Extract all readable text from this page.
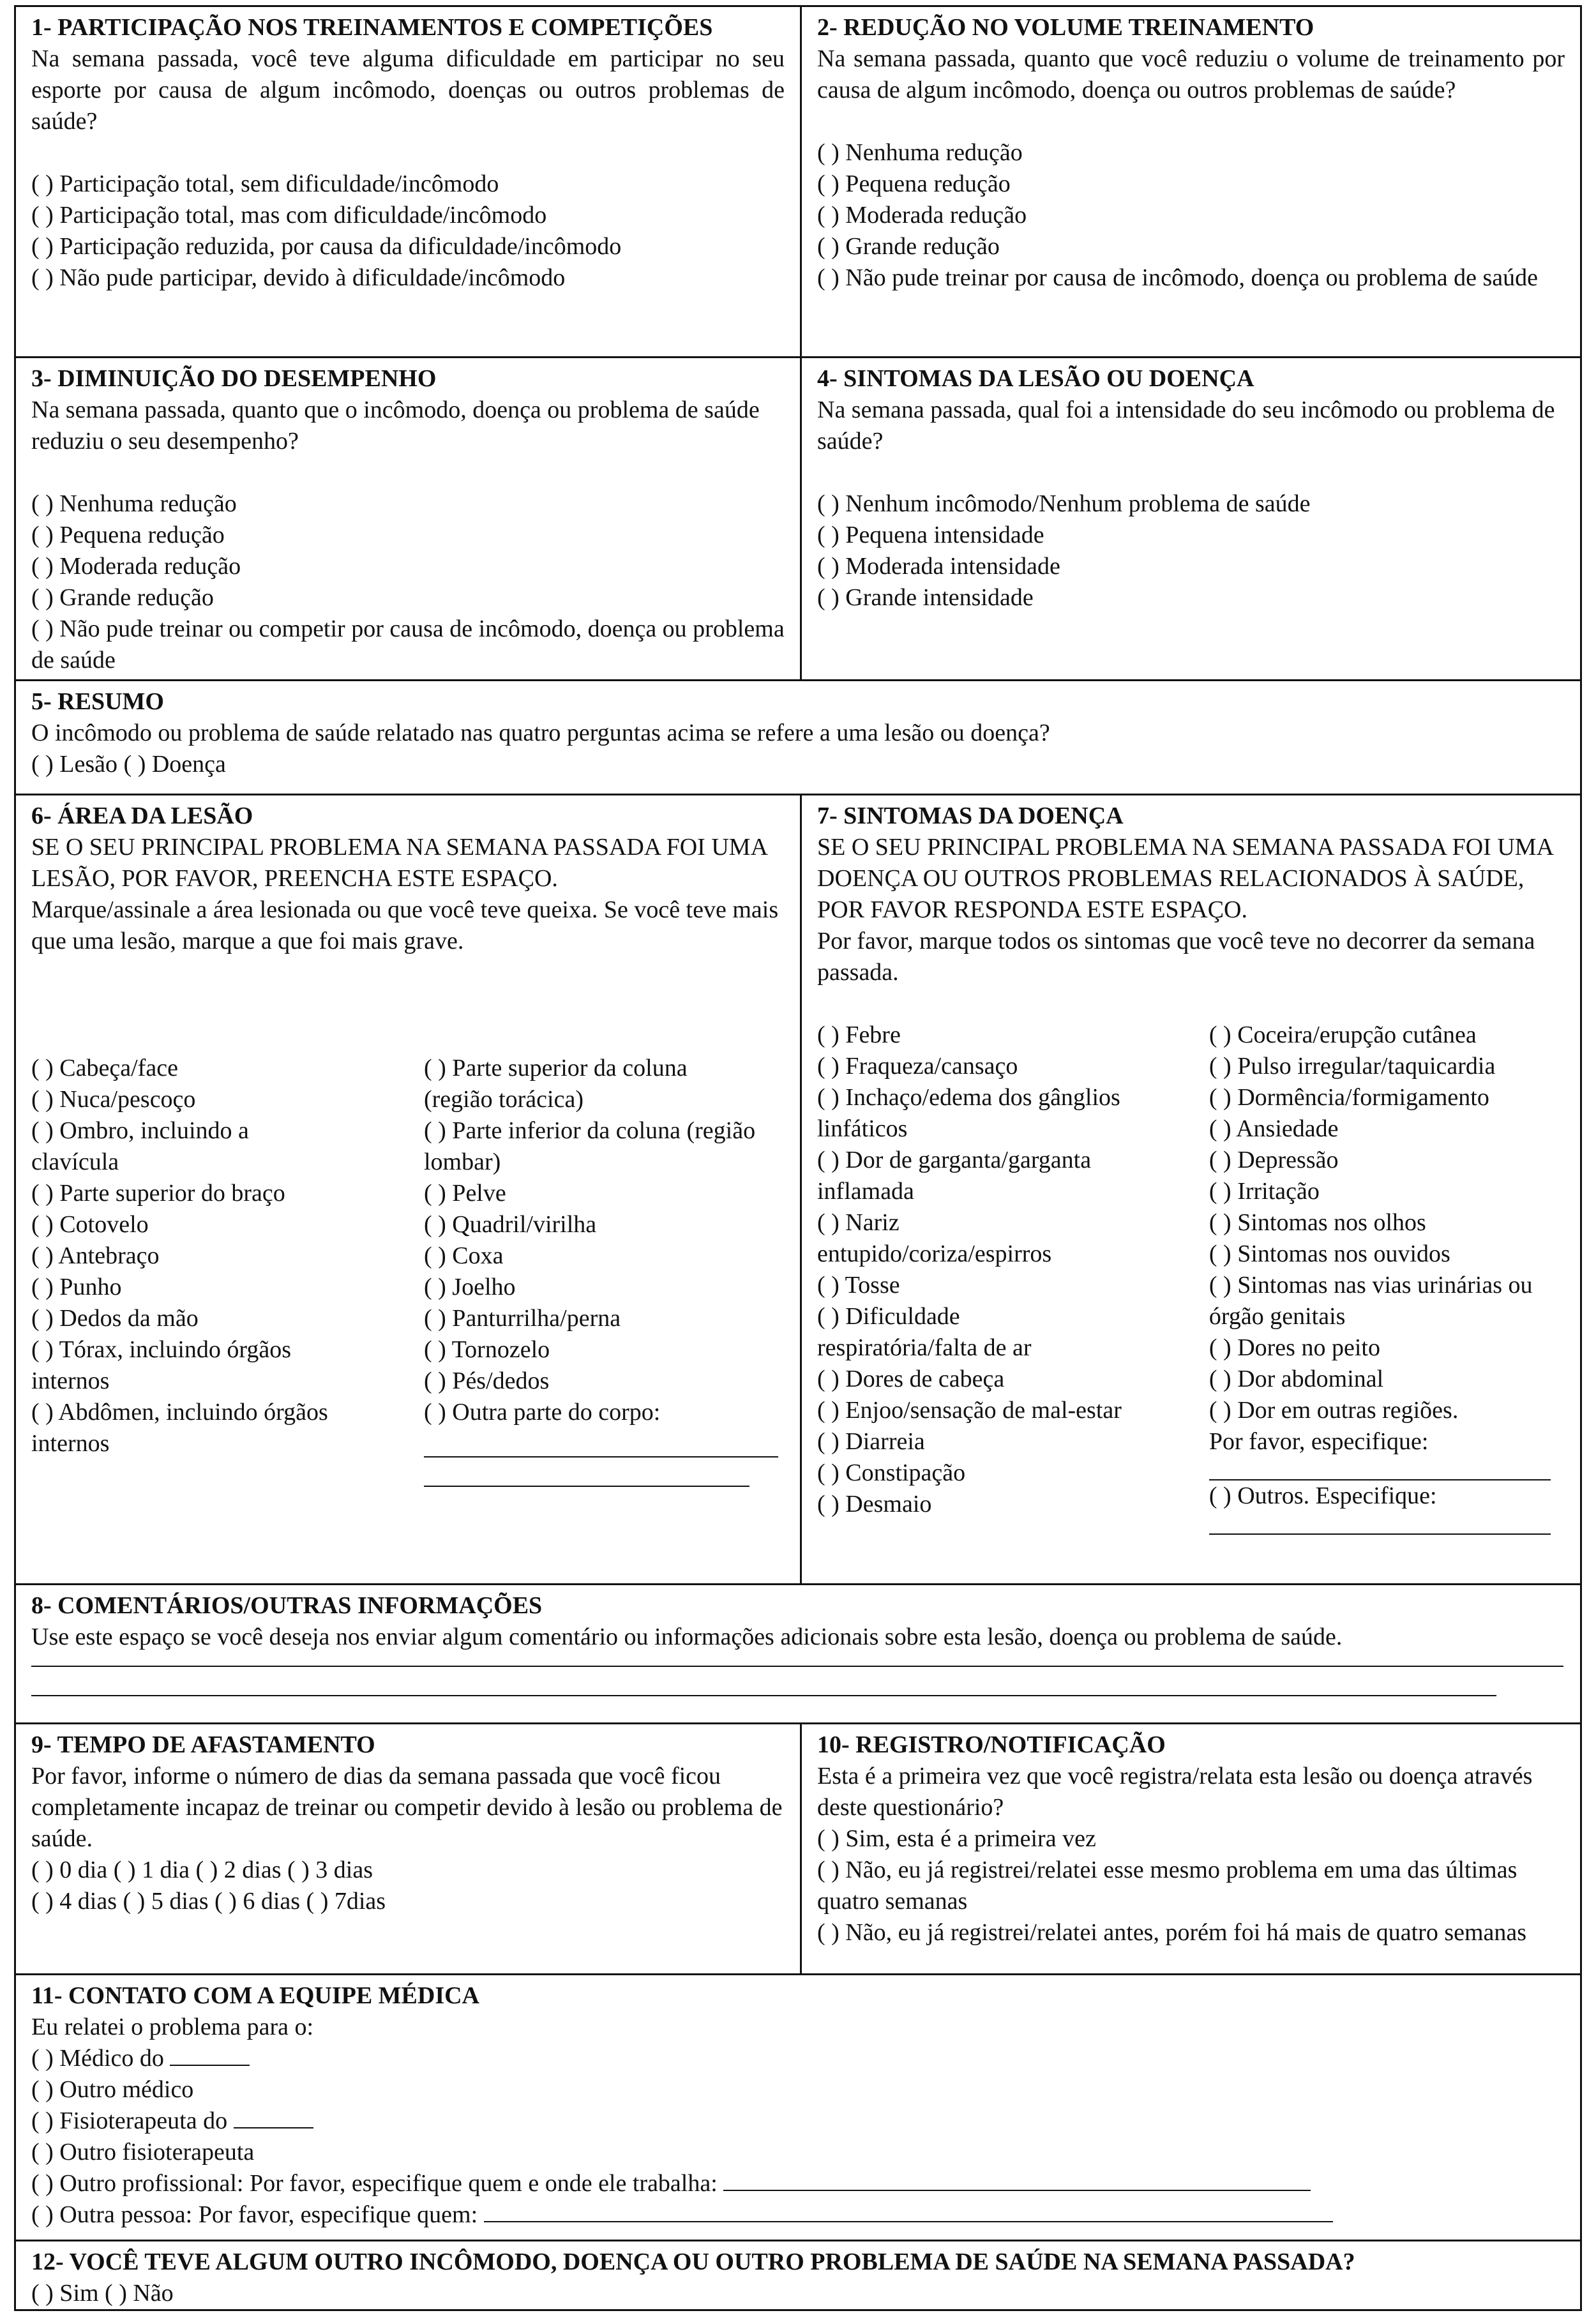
1- PARTICIPAÇÃO NOS TREINAMENTOS E COMPETIÇÕES
Na semana passada, você teve alguma dificuldade em participar no seu esporte por causa de algum incômodo, doenças ou outros problemas de saúde?
( ) Participação total, sem dificuldade/incômodo
( ) Participação total, mas com dificuldade/incômodo
( ) Participação reduzida, por causa da dificuldade/incômodo
( ) Não pude participar, devido à dificuldade/incômodo
2- REDUÇÃO NO VOLUME TREINAMENTO
Na semana passada, quanto que você reduziu o volume de treinamento por causa de algum incômodo, doença ou outros problemas de saúde?
( ) Nenhuma redução
( ) Pequena redução
( ) Moderada redução
( ) Grande redução
( ) Não pude treinar por causa de incômodo, doença ou problema de saúde
3- DIMINUIÇÃO DO DESEMPENHO
Na semana passada, quanto que o incômodo, doença ou problema de saúde reduziu o seu desempenho?
( ) Nenhuma redução
( ) Pequena redução
( ) Moderada redução
( ) Grande redução
( ) Não pude treinar ou competir por causa de incômodo, doença ou problema de saúde
4- SINTOMAS DA LESÃO OU DOENÇA
Na semana passada, qual foi a intensidade do seu incômodo ou problema de saúde?
( ) Nenhum incômodo/Nenhum problema de saúde
( ) Pequena intensidade
( ) Moderada intensidade
( ) Grande intensidade
5- RESUMO
O incômodo ou problema de saúde relatado nas quatro perguntas acima se refere a uma lesão ou doença?
( ) Lesão ( ) Doença
6- ÁREA DA LESÃO
SE O SEU PRINCIPAL PROBLEMA NA SEMANA PASSADA FOI UMA LESÃO, POR FAVOR, PREENCHA ESTE ESPAÇO.
Marque/assinale a área lesionada ou que você teve queixa. Se você teve mais que uma lesão, marque a que foi mais grave.
( ) Cabeça/face
( ) Nuca/pescoço
( ) Ombro, incluindo a clavícula
( ) Parte superior do braço
( ) Cotovelo
( ) Antebraço
( ) Punho
( ) Dedos da mão
( ) Tórax, incluindo órgãos internos
( ) Abdômen, incluindo órgãos internos
( ) Parte superior da coluna (região torácica)
( ) Parte inferior da coluna (região lombar)
( ) Pelve
( ) Quadril/virilha
( ) Coxa
( ) Joelho
( ) Panturrilha/perna
( ) Tornozelo
( ) Pés/dedos
( ) Outra parte do corpo:
7- SINTOMAS DA DOENÇA
SE O SEU PRINCIPAL PROBLEMA NA SEMANA PASSADA FOI UMA DOENÇA OU OUTROS PROBLEMAS RELACIONADOS À SAÚDE, POR FAVOR RESPONDA ESTE ESPAÇO.
Por favor, marque todos os sintomas que você teve no decorrer da semana passada.
( ) Febre
( ) Fraqueza/cansaço
( ) Inchaço/edema dos gânglios linfáticos
( ) Dor de garganta/garganta inflamada
( ) Nariz entupido/coriza/espirros
( ) Tosse
( ) Dificuldade respiratória/falta de ar
( ) Dores de cabeça
( ) Enjoo/sensação de mal-estar
( ) Diarreia
( ) Constipação
( ) Desmaio
( ) Coceira/erupção cutânea
( ) Pulso irregular/taquicardia
( ) Dormência/formigamento
( ) Ansiedade
( ) Depressão
( ) Irritação
( ) Sintomas nos olhos
( ) Sintomas nos ouvidos
( ) Sintomas nas vias urinárias ou órgão genitais
( ) Dores no peito
( ) Dor abdominal
( ) Dor em outras regiões.
Por favor, especifique:
( ) Outros. Especifique:
8- COMENTÁRIOS/OUTRAS INFORMAÇÕES
Use este espaço se você deseja nos enviar algum comentário ou informações adicionais sobre esta lesão, doença ou problema de saúde.
9- TEMPO DE AFASTAMENTO
Por favor, informe o número de dias da semana passada que você ficou completamente incapaz de treinar ou competir devido à lesão ou problema de saúde.
( ) 0 dia ( ) 1 dia ( ) 2 dias ( ) 3 dias
( ) 4 dias ( ) 5 dias ( ) 6 dias ( ) 7dias
10- REGISTRO/NOTIFICAÇÃO
Esta é a primeira vez que você registra/relata esta lesão ou doença através deste questionário?
( ) Sim, esta é a primeira vez
( ) Não, eu já registrei/relatei esse mesmo problema em uma das últimas quatro semanas
( ) Não, eu já registrei/relatei antes, porém foi há mais de quatro semanas
11- CONTATO COM A EQUIPE MÉDICA
Eu relatei o problema para o:
( ) Médico do
( ) Outro médico
( ) Fisioterapeuta do
( ) Outro fisioterapeuta
( ) Outro profissional: Por favor, especifique quem e onde ele trabalha:
( ) Outra pessoa: Por favor, especifique quem:
12- VOCÊ TEVE ALGUM OUTRO INCÔMODO, DOENÇA OU OUTRO PROBLEMA DE SAÚDE NA SEMANA PASSADA?
( ) Sim ( ) Não
